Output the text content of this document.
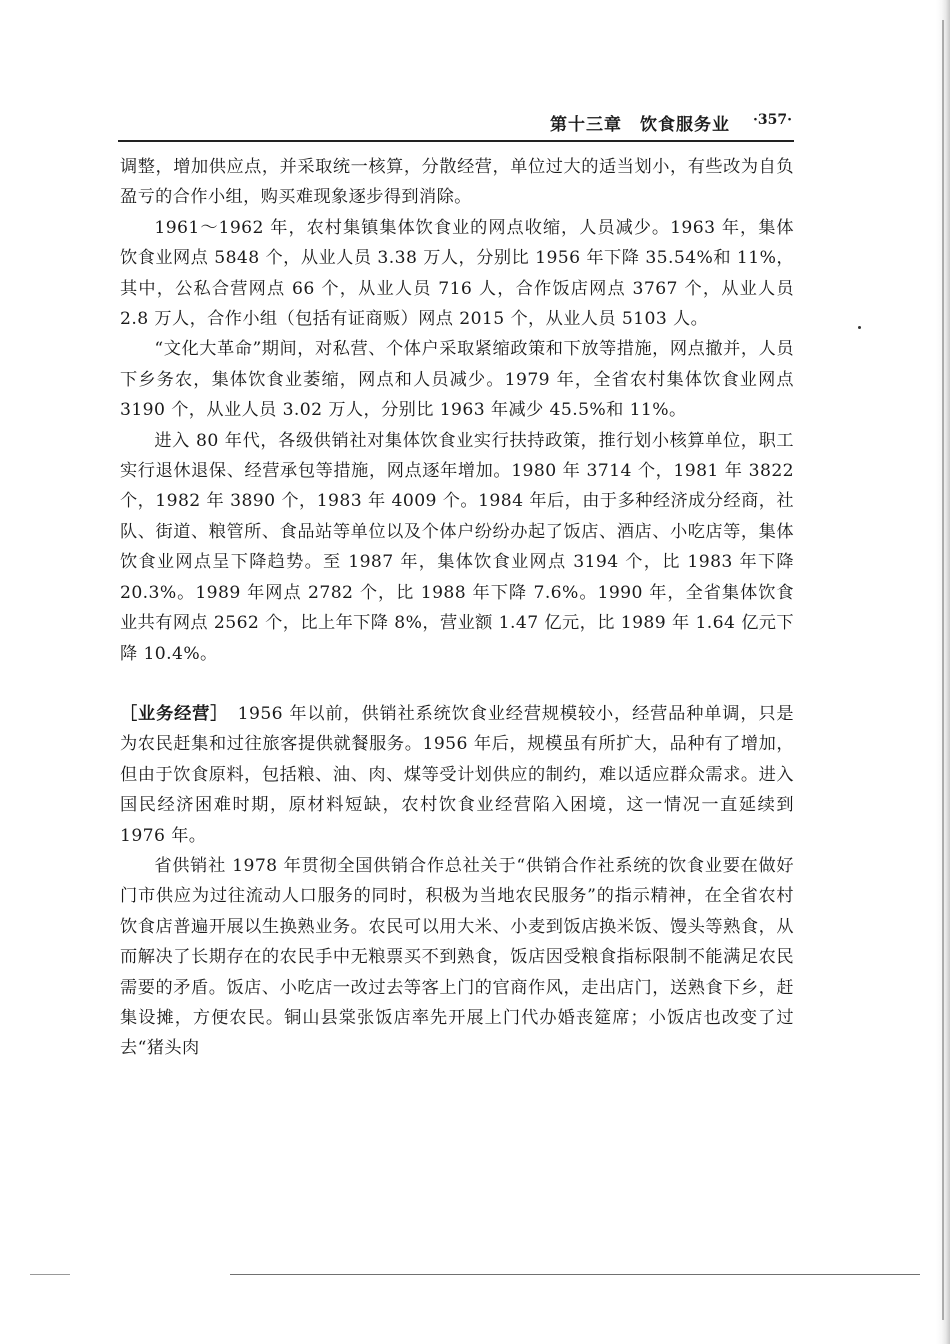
第十三章　饮食服务业 ·357·

调整，增加供应点，并采取统一核算，分散经营，单位过大的适当划小，有些改为自负盈亏的合作小组，购买难现象逐步得到消除。

1961～1962 年，农村集镇集体饮食业的网点收缩，人员减少。1963 年，集体饮食业网点 5848 个，从业人员 3.38 万人，分别比 1956 年下降 35.54%和 11%，其中，公私合营网点 66 个，从业人员 716 人，合作饭店网点 3767 个，从业人员 2.8 万人，合作小组（包括有证商贩）网点 2015 个，从业人员 5103 人。

“文化大革命”期间，对私营、个体户采取紧缩政策和下放等措施，网点撤并，人员下乡务农，集体饮食业萎缩，网点和人员减少。1979 年，全省农村集体饮食业网点 3190 个，从业人员 3.02 万人，分别比 1963 年减少 45.5%和 11%。

进入 80 年代，各级供销社对集体饮食业实行扶持政策，推行划小核算单位，职工实行退休退保、经营承包等措施，网点逐年增加。1980 年 3714 个，1981 年 3822 个，1982 年 3890 个，1983 年 4009 个。1984 年后，由于多种经济成分经商，社队、街道、粮管所、食品站等单位以及个体户纷纷办起了饭店、酒店、小吃店等，集体饮食业网点呈下降趋势。至 1987 年，集体饮食业网点 3194 个，比 1983 年下降 20.3%。1989 年网点 2782 个，比 1988 年下降 7.6%。1990 年，全省集体饮食业共有网点 2562 个，比上年下降 8%，营业额 1.47 亿元，比 1989 年 1.64 亿元下降 10.4%。

［业务经营］　1956 年以前，供销社系统饮食业经营规模较小，经营品种单调，只是为农民赶集和过往旅客提供就餐服务。1956 年后，规模虽有所扩大，品种有了增加，但由于饮食原料，包括粮、油、肉、煤等受计划供应的制约，难以适应群众需求。进入国民经济困难时期，原材料短缺，农村饮食业经营陷入困境，这一情况一直延续到 1976 年。

省供销社 1978 年贯彻全国供销合作总社关于“供销合作社系统的饮食业要在做好门市供应为过往流动人口服务的同时，积极为当地农民服务”的指示精神，在全省农村饮食店普遍开展以生换熟业务。农民可以用大米、小麦到饭店换米饭、馒头等熟食，从而解决了长期存在的农民手中无粮票买不到熟食，饭店因受粮食指标限制不能满足农民需要的矛盾。饭店、小吃店一改过去等客上门的官商作风，走出店门，送熟食下乡，赶集设摊，方便农民。铜山县棠张饭店率先开展上门代办婚丧筵席；小饭店也改变了过去“猪头肉
